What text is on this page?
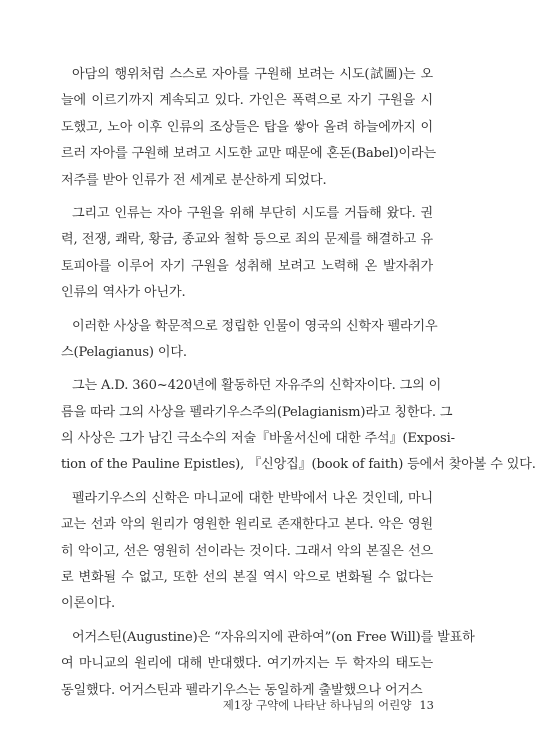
아담의 행위처럼 스스로 자아를 구원해 보려는 시도(試圖)는 오
늘에 이르기까지 계속되고 있다. 가인은 폭력으로 자기 구원을 시
도했고, 노아 이후 인류의 조상들은 탑을 쌓아 올려 하늘에까지 이
르러 자아를 구원해 보려고 시도한 교만 때문에 혼돈(Babel)이라는
저주를 받아 인류가 전 세계로 분산하게 되었다.
그리고 인류는 자아 구원을 위해 부단히 시도를 거듭해 왔다. 권
력, 전쟁, 쾌락, 황금, 종교와 철학 등으로 죄의 문제를 해결하고 유
토피아를 이루어 자기 구원을 성취해 보려고 노력해 온 발자취가
인류의 역사가 아닌가.
이러한 사상을 학문적으로 정립한 인물이 영국의 신학자 펠라기우
스(Pelagianus) 이다.
그는 A.D. 360~420년에 활동하던 자유주의 신학자이다. 그의 이
름을 따라 그의 사상을 펠라기우스주의(Pelagianism)라고 칭한다. 그
의 사상은 그가 남긴 극소수의 저술『바울서신에 대한 주석』(Exposi-
tion of the Pauline Epistles), 『신앙집』(book of faith) 등에서 찾아볼 수 있다.
펠라기우스의 신학은 마니교에 대한 반박에서 나온 것인데, 마니
교는 선과 악의 원리가 영원한 원리로 존재한다고 본다. 악은 영원
히 악이고, 선은 영원히 선이라는 것이다. 그래서 악의 본질은 선으
로 변화될 수 없고, 또한 선의 본질 역시 악으로 변화될 수 없다는
이론이다.
어거스틴(Augustine)은 “자유의지에 관하여”(on Free Will)를 발표하
여 마니교의 원리에 대해 반대했다. 여기까지는 두 학자의 태도는
동일했다. 어거스틴과 펠라기우스는 동일하게 출발했으나 어거스
제1장 구약에 나타난 하나님의 어린양 13
